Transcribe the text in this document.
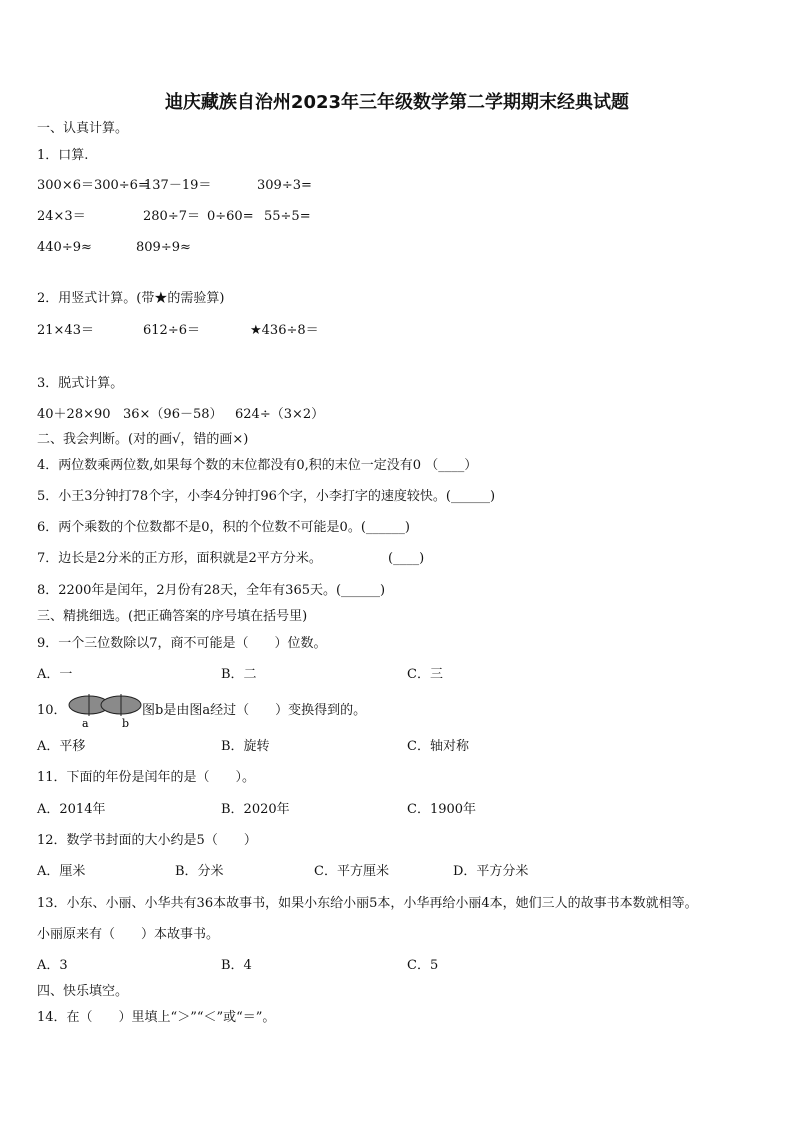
迪庆藏族自治州2023年三年级数学第二学期期末经典试题
一、认真计算。
1．口算.
300×6＝300÷6=
137－19＝	309÷3=
24×3＝	280÷7＝ 0÷60= 55÷5=
440÷9≈	809÷9≈
2．用竖式计算。(带★的需验算)
21×43＝	612÷6＝	★436÷8＝
3．脱式计算。
40＋28×90 36×（96－58） 624÷（3×2）
二、我会判断。(对的画√，错的画×)
4．两位数乘两位数,如果每个数的末位都没有0,积的末位一定没有0 （____）
5．小王3分钟打78个字，小李4分钟打96个字，小李打字的速度较快。(______)
6．两个乘数的个位数都不是0，积的个位数不可能是0。(______)
7．边长是2分米的正方形，面积就是2平方分米。	(____)
8．2200年是闰年，2月份有28天，全年有365天。(______)
三、精挑细选。(把正确答案的序号填在括号里)
9．一个三位数除以7，商不可能是（　　）位数。
A．一	B．二	C．三
10．
a	b
图b是由图a经过（　　）变换得到的。
A．平移	B．旋转	C．轴对称
11．下面的年份是闰年的是（　　）。
A．2014年	B．2020年	C．1900年
12．数学书封面的大小约是5（　　）
A．厘米	B．分米	C．平方厘米	D．平方分米
13．小东、小丽、小华共有36本故事书，如果小东给小丽5本，小华再给小丽4本，她们三人的故事书本数就相等。
小丽原来有（　　）本故事书。
A．3	B．4	C．5
四、快乐填空。
14．在（　　）里填上“＞”“＜”或“＝”。
